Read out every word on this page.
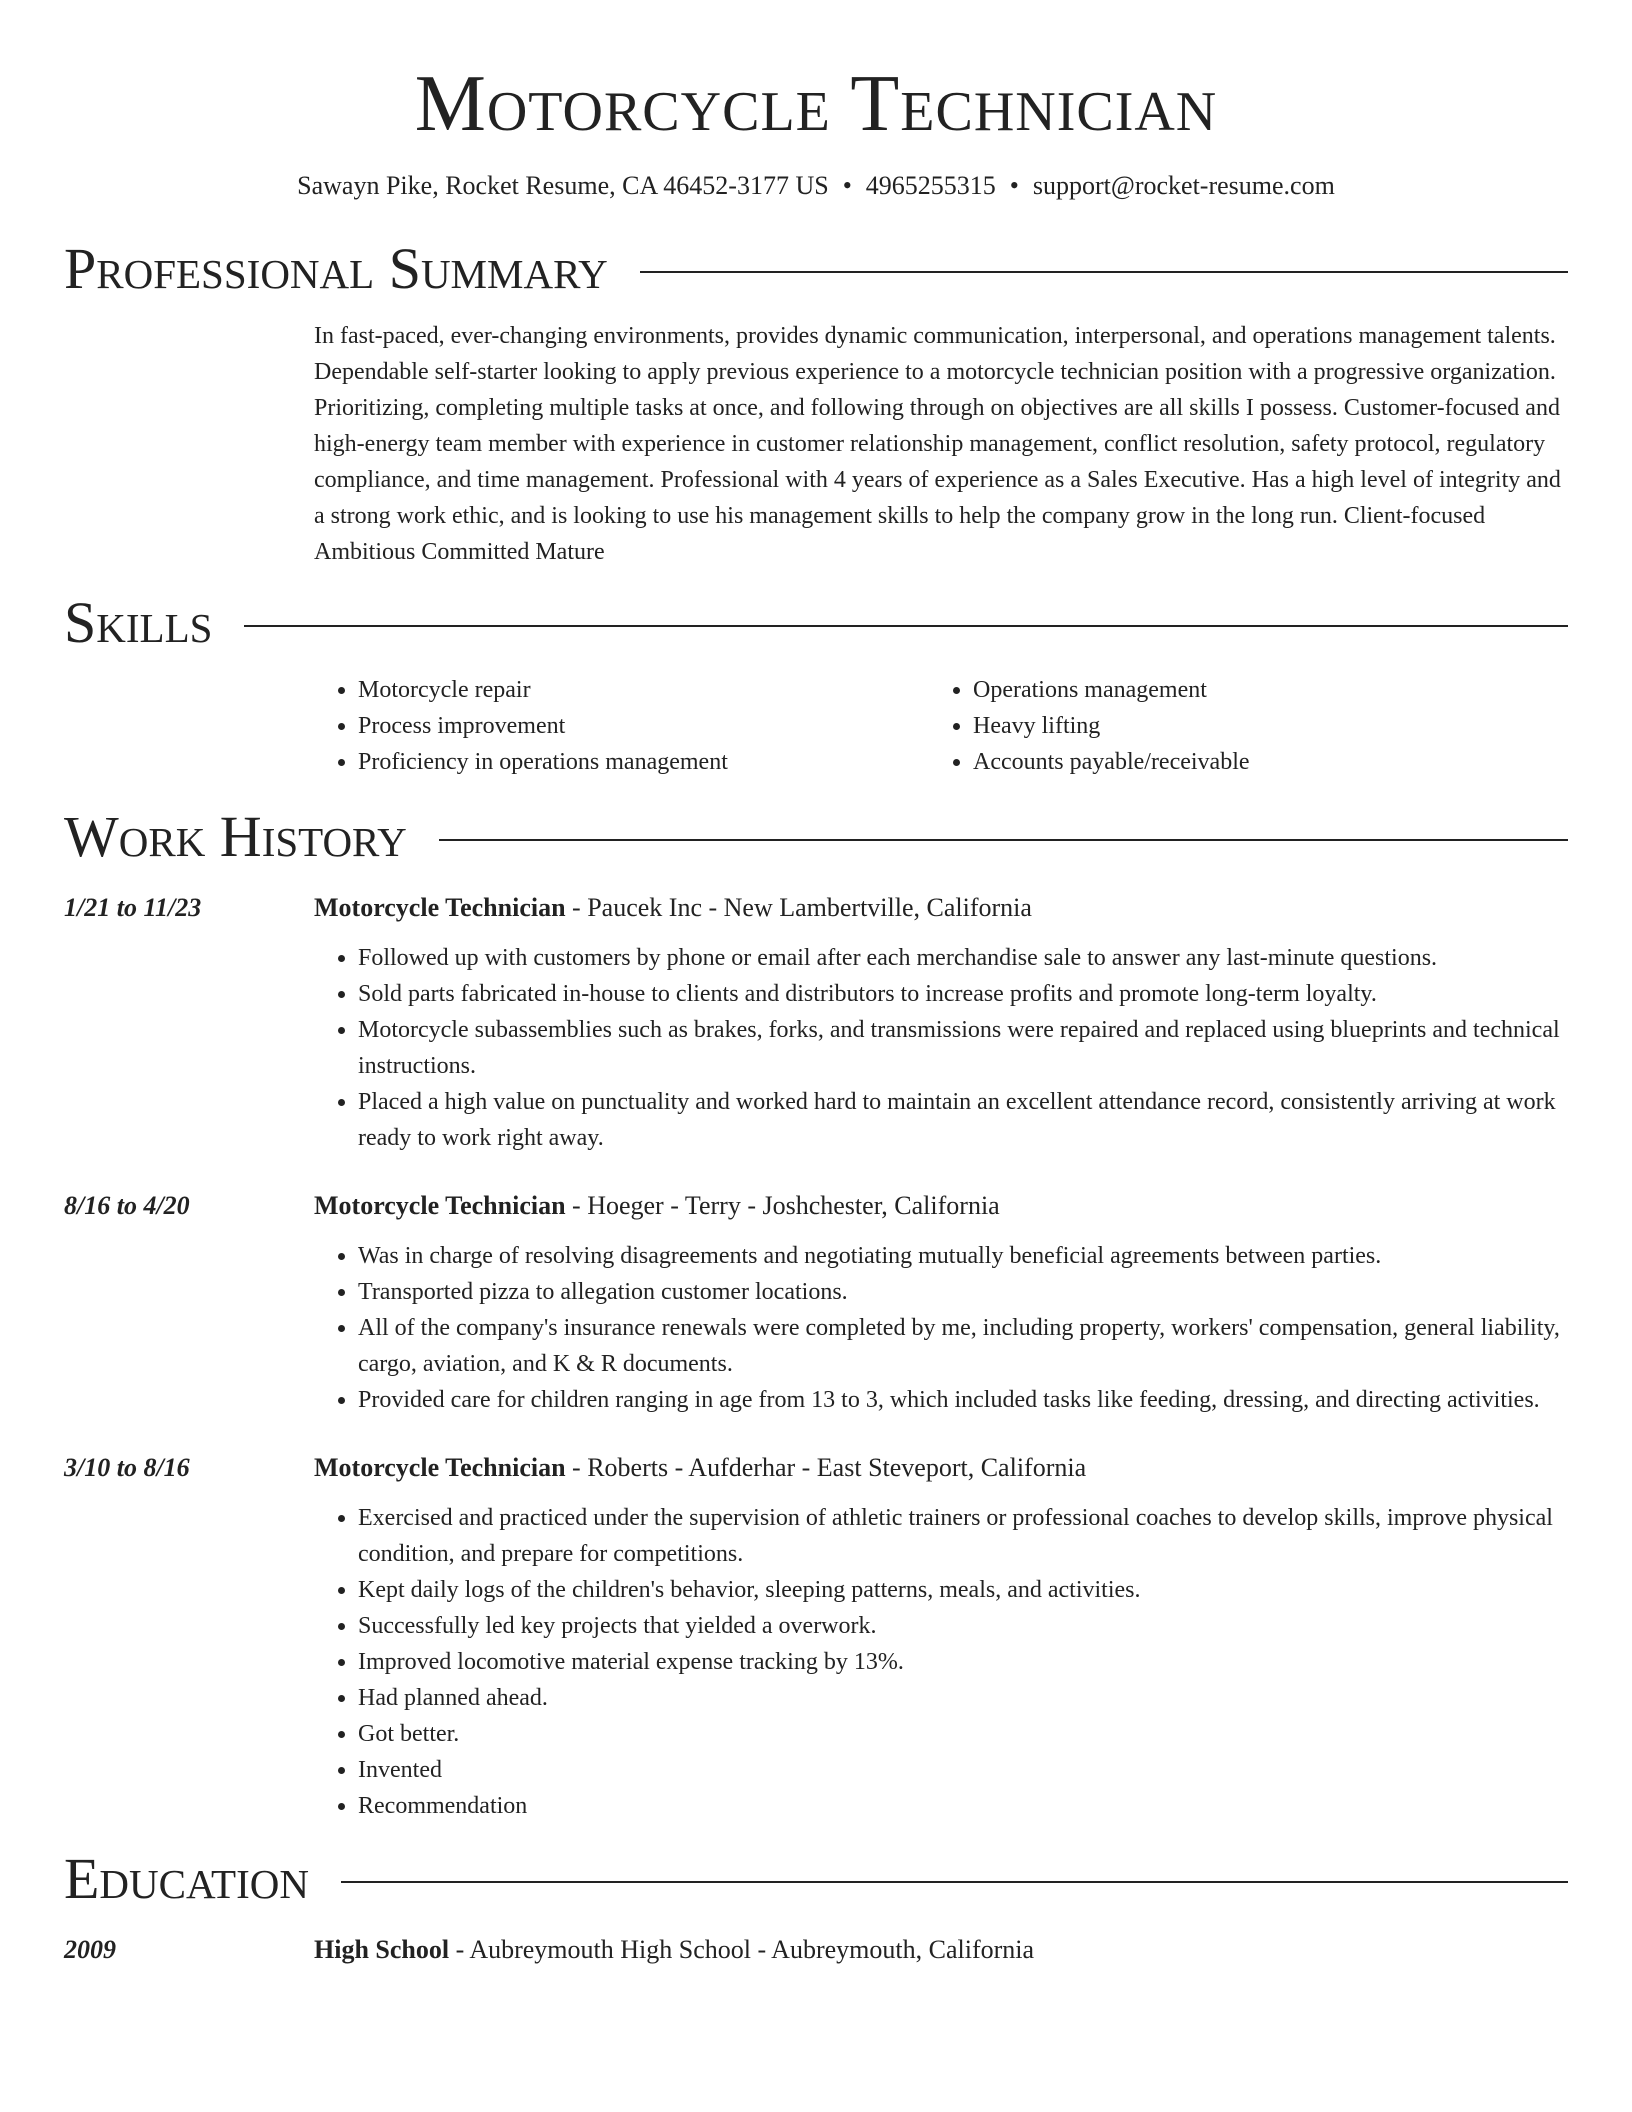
Motorcycle Technician
Sawayn Pike, Rocket Resume, CA 46452-3177 US • 4965255315 • support@rocket-resume.com
Professional Summary
In fast-paced, ever-changing environments, provides dynamic communication, interpersonal, and operations management talents. Dependable self-starter looking to apply previous experience to a motorcycle technician position with a progressive organization. Prioritizing, completing multiple tasks at once, and following through on objectives are all skills I possess. Customer-focused and high-energy team member with experience in customer relationship management, conflict resolution, safety protocol, regulatory compliance, and time management. Professional with 4 years of experience as a Sales Executive. Has a high level of integrity and a strong work ethic, and is looking to use his management skills to help the company grow in the long run. Client-focused Ambitious Committed Mature
Skills
• Motorcycle repair
• Process improvement
• Proficiency in operations management
• Operations management
• Heavy lifting
• Accounts payable/receivable
Work History
1/21 to 11/23	Motorcycle Technician - Paucek Inc - New Lambertville, California
• Followed up with customers by phone or email after each merchandise sale to answer any last-minute questions.
• Sold parts fabricated in-house to clients and distributors to increase profits and promote long-term loyalty.
• Motorcycle subassemblies such as brakes, forks, and transmissions were repaired and replaced using blueprints and technical instructions.
• Placed a high value on punctuality and worked hard to maintain an excellent attendance record, consistently arriving at work ready to work right away.
8/16 to 4/20	Motorcycle Technician - Hoeger - Terry - Joshchester, California
• Was in charge of resolving disagreements and negotiating mutually beneficial agreements between parties.
• Transported pizza to allegation customer locations.
• All of the company's insurance renewals were completed by me, including property, workers' compensation, general liability, cargo, aviation, and K & R documents.
• Provided care for children ranging in age from 13 to 3, which included tasks like feeding, dressing, and directing activities.
3/10 to 8/16	Motorcycle Technician - Roberts - Aufderhar - East Steveport, California
• Exercised and practiced under the supervision of athletic trainers or professional coaches to develop skills, improve physical condition, and prepare for competitions.
• Kept daily logs of the children's behavior, sleeping patterns, meals, and activities.
• Successfully led key projects that yielded a overwork.
• Improved locomotive material expense tracking by 13%.
• Had planned ahead.
• Got better.
• Invented
• Recommendation
Education
2009	High School - Aubreymouth High School - Aubreymouth, California
